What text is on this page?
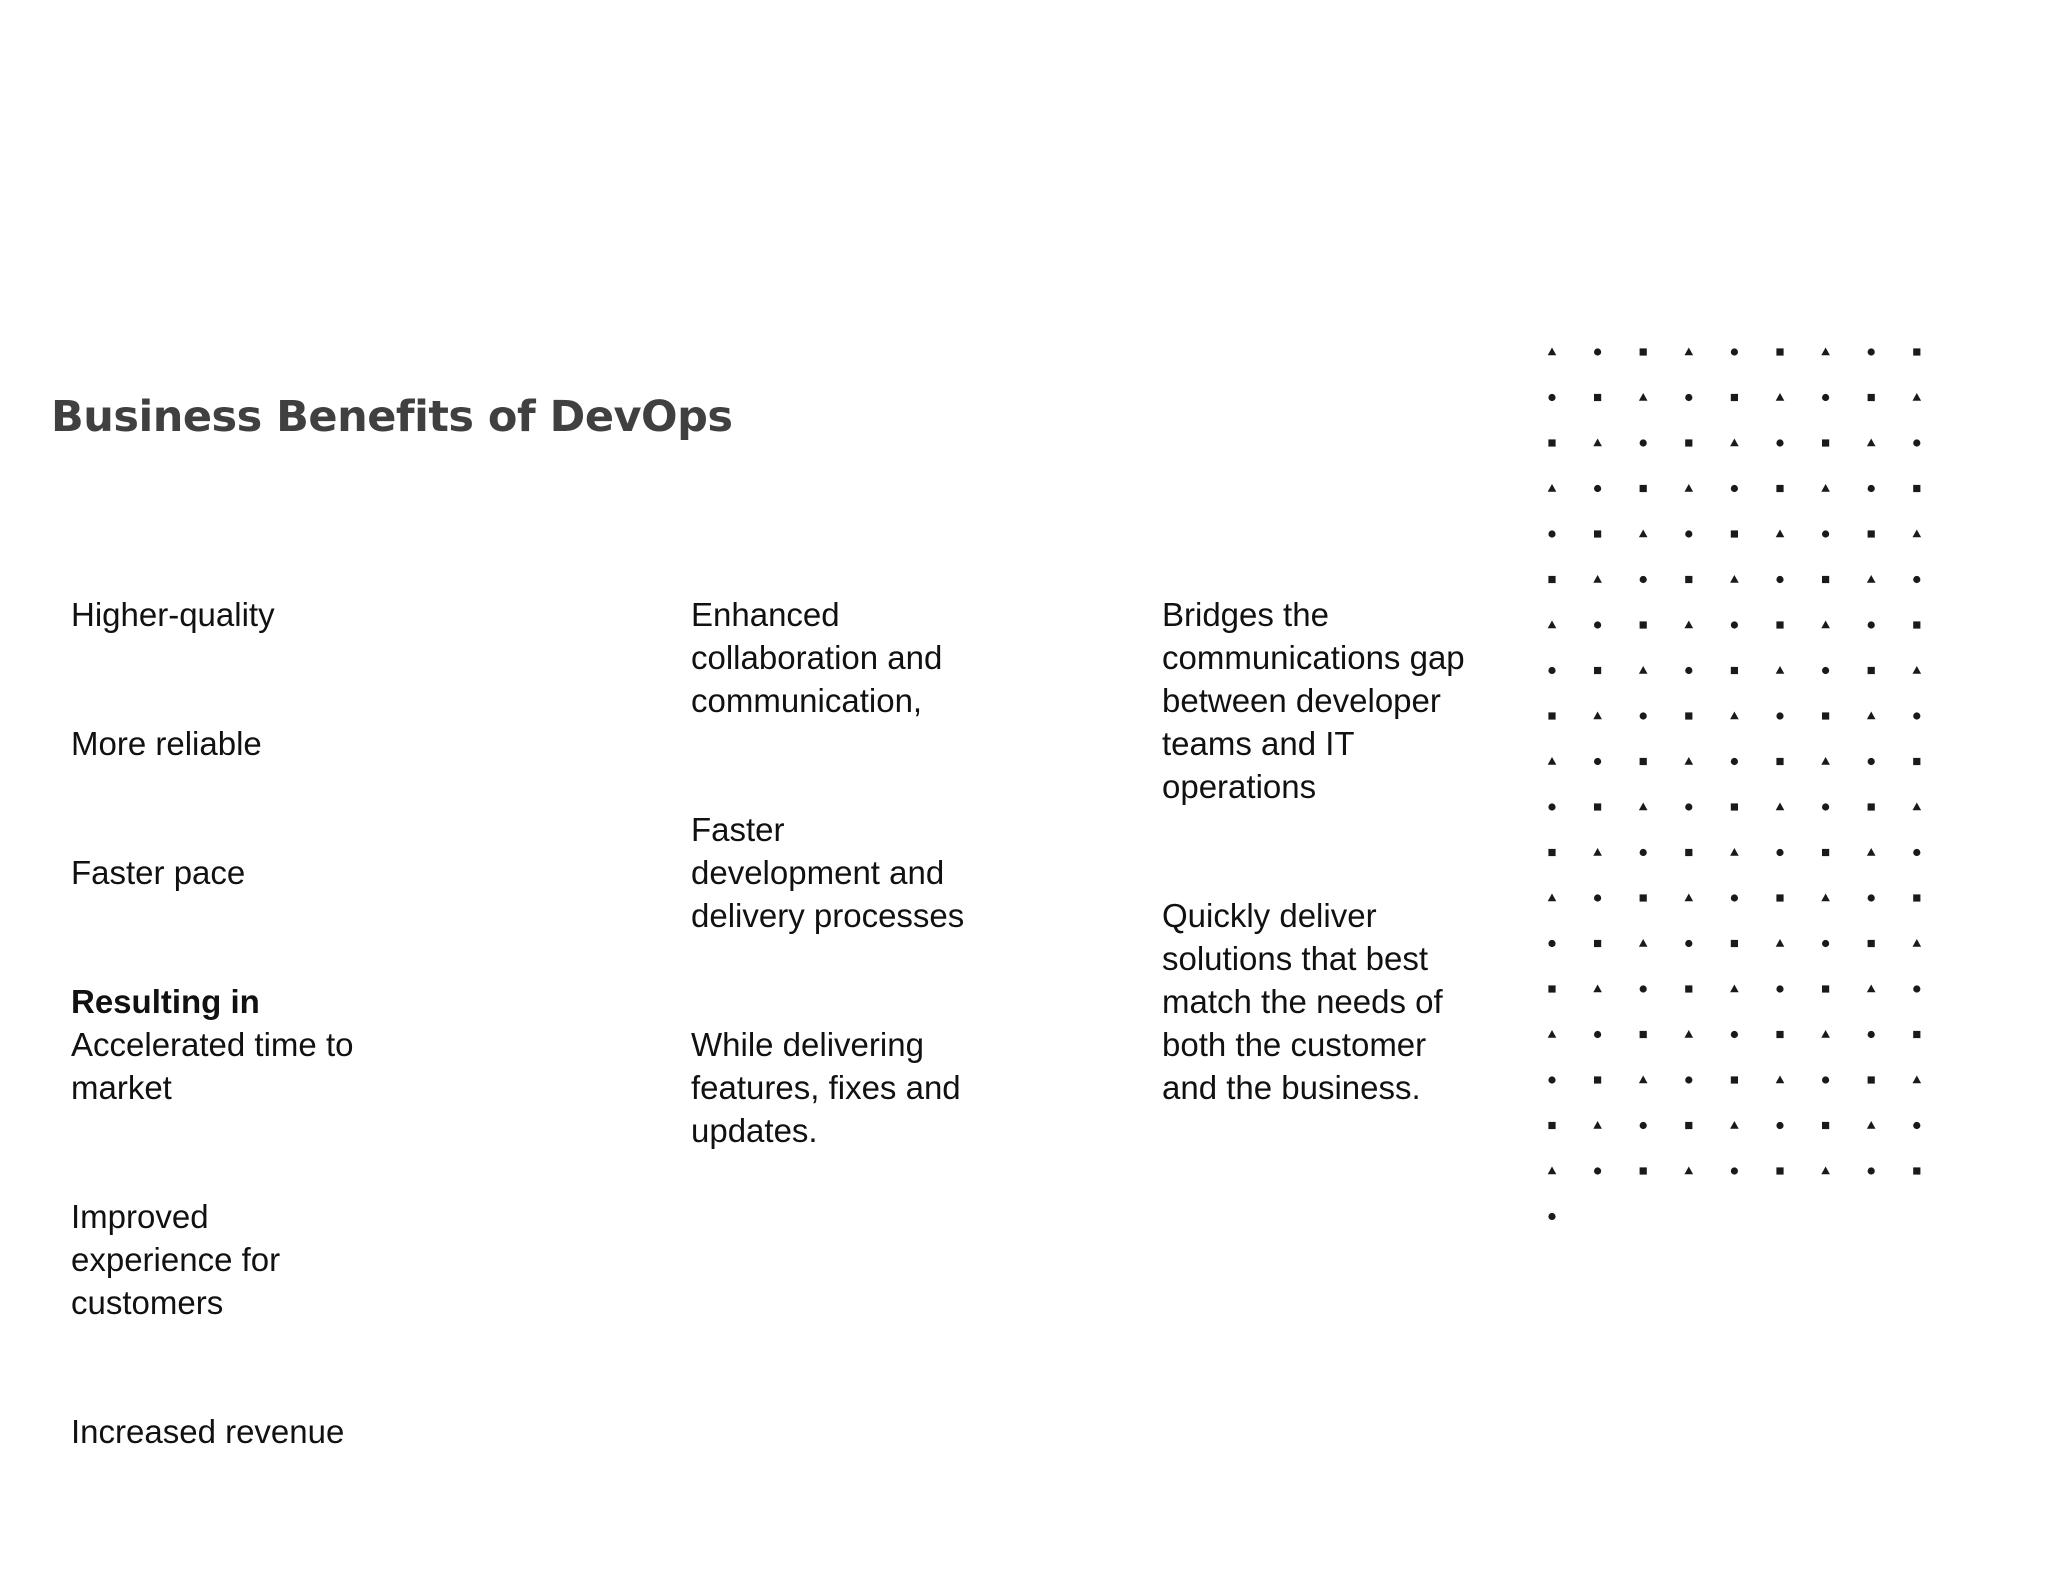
Business Benefits of DevOps

Higher-quality

More reliable

Faster pace

Resulting in
Accelerated time to
market

Improved
experience for
customers

Increased revenue

Enhanced
collaboration and
communication,

Faster
development and
delivery processes

While delivering
features, fixes and
updates.

Bridges the
communications gap
between developer
teams and IT
operations

Quickly deliver
solutions that best
match the needs of
both the customer
and the business.
